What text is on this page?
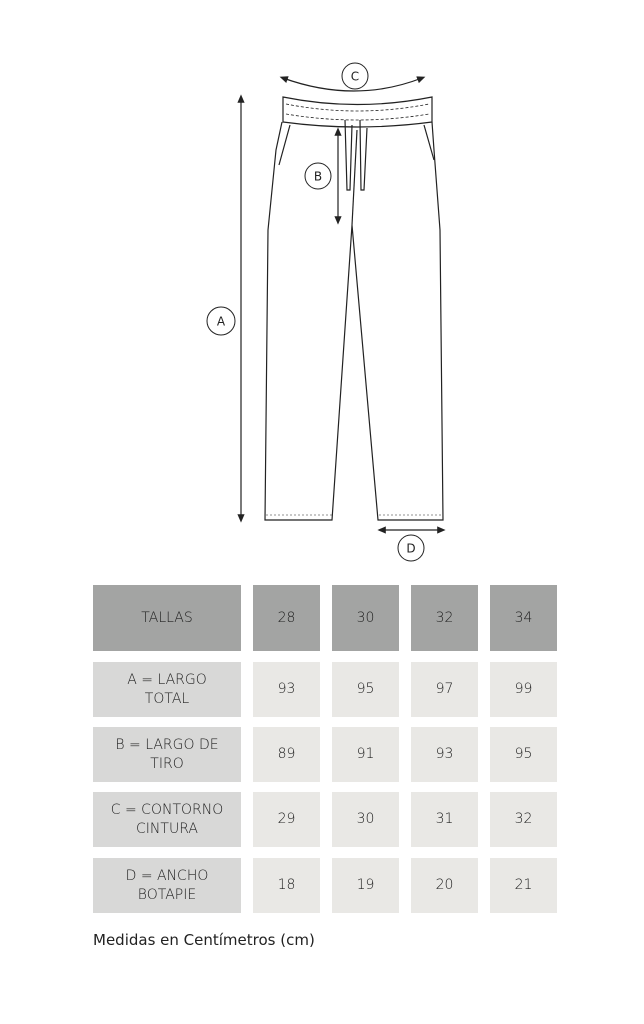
A
B
C
D
TALLAS	28	30	32	34
A = LARGO
TOTAL
93	95	97	99
B = LARGO DE
TIRO
89	91	93	95
C = CONTORNO
CINTURA
29	30	31	32
D = ANCHO
BOTAPIE
18	19	20	21
Medidas en Centímetros (cm)
